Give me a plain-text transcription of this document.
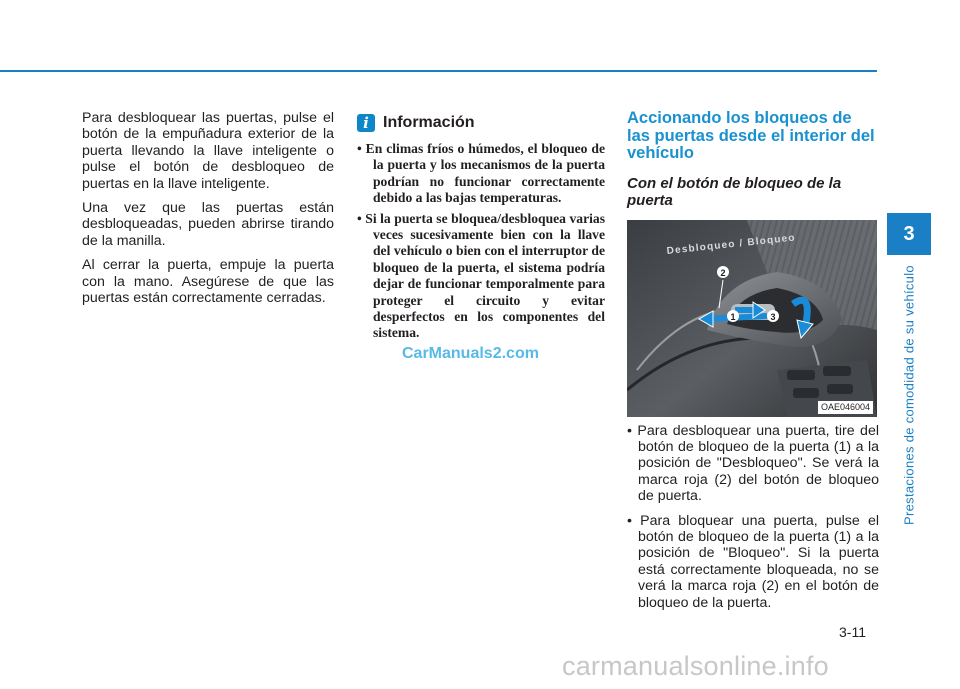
Para desbloquear las puertas, pulse el botón de la empuñadura exterior de la puerta llevando la llave inteligente o pulse el botón de desbloqueo de puertas en la llave inteligente.

Una vez que las puertas están desbloqueadas, pueden abrirse tirando de la manilla.

Al cerrar la puerta, empuje la puerta con la mano. Asegúrese de que las puertas están correctamente cerradas.

i Información
• En climas fríos o húmedos, el bloqueo de la puerta y los mecanismos de la puerta podrían no funcionar correctamente debido a las bajas temperaturas.
• Si la puerta se bloquea/desbloquea varias veces sucesivamente bien con la llave del vehículo o bien con el interruptor de bloqueo de la puerta, el sistema podría dejar de funcionar temporalmente para proteger el circuito y evitar desperfectos en los componentes del sistema.
CarManuals2.com
Accionando los bloqueos de las puertas desde el interior del vehículo
Con el botón de bloqueo de la puerta
Desbloqueo / Bloqueo
2
1	3
OAE046004
• Para desbloquear una puerta, tire del botón de bloqueo de la puerta (1) a la posición de "Desbloqueo". Se verá la marca roja (2) del botón de bloqueo de puerta.
• Para bloquear una puerta, pulse el botón de bloqueo de la puerta (1) a la posición de "Bloqueo". Si la puerta está correctamente bloqueada, no se verá la marca roja (2) en el botón de bloqueo de la puerta.
3
Prestaciones de comodidad de su vehículo
3-11
carmanualsonline.info
